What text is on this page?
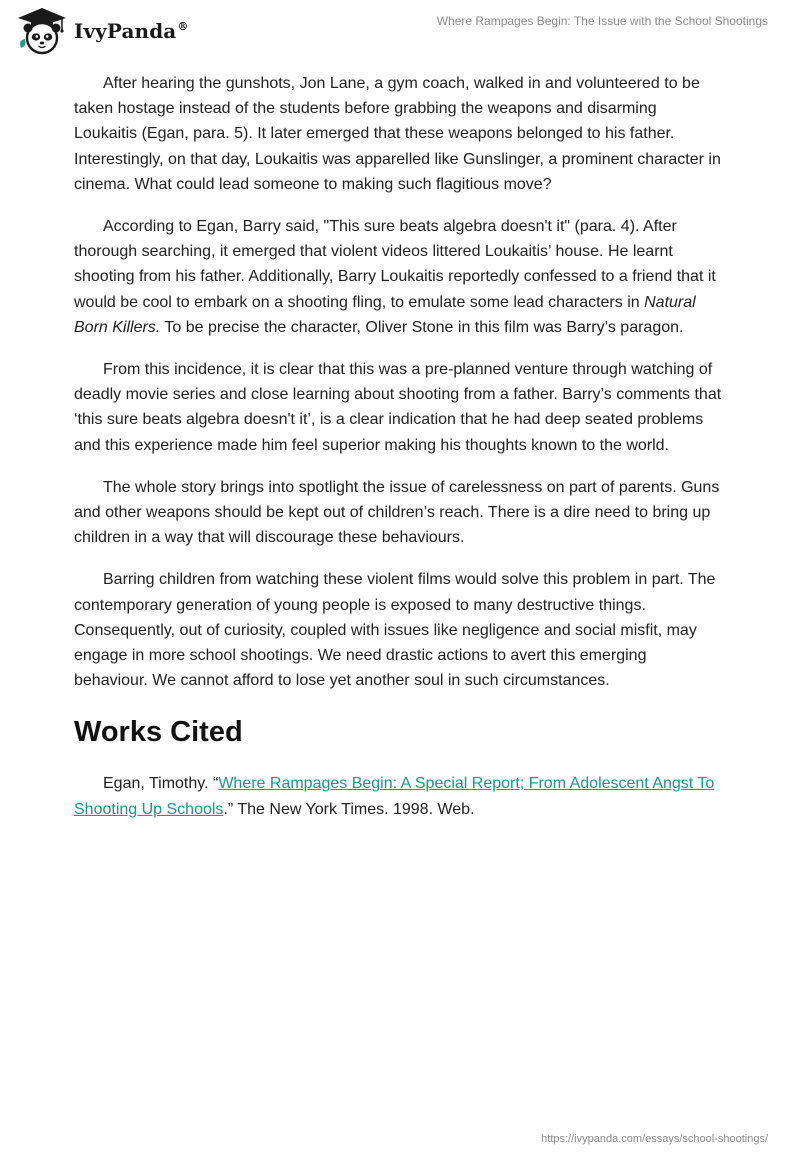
IvyPanda®	Where Rampages Begin: The Issue with the School Shootings

After hearing the gunshots, Jon Lane, a gym coach, walked in and volunteered to be taken hostage instead of the students before grabbing the weapons and disarming Loukaitis (Egan, para. 5). It later emerged that these weapons belonged to his father. Interestingly, on that day, Loukaitis was apparelled like Gunslinger, a prominent character in cinema. What could lead someone to making such flagitious move?

According to Egan, Barry said, "This sure beats algebra doesn't it" (para. 4). After thorough searching, it emerged that violent videos littered Loukaitis’ house. He learnt shooting from his father. Additionally, Barry Loukaitis reportedly confessed to a friend that it would be cool to embark on a shooting fling, to emulate some lead characters in Natural Born Killers. To be precise the character, Oliver Stone in this film was Barry’s paragon.

From this incidence, it is clear that this was a pre-planned venture through watching of deadly movie series and close learning about shooting from a father. Barry’s comments that ‘this sure beats algebra doesn't it’, is a clear indication that he had deep seated problems and this experience made him feel superior making his thoughts known to the world.

The whole story brings into spotlight the issue of carelessness on part of parents. Guns and other weapons should be kept out of children’s reach. There is a dire need to bring up children in a way that will discourage these behaviours.

Barring children from watching these violent films would solve this problem in part. The contemporary generation of young people is exposed to many destructive things. Consequently, out of curiosity, coupled with issues like negligence and social misfit, may engage in more school shootings. We need drastic actions to avert this emerging behaviour. We cannot afford to lose yet another soul in such circumstances.

Works Cited

Egan, Timothy. “Where Rampages Begin: A Special Report; From Adolescent Angst To Shooting Up Schools.” The New York Times. 1998. Web.

https://ivypanda.com/essays/school-shootings/
